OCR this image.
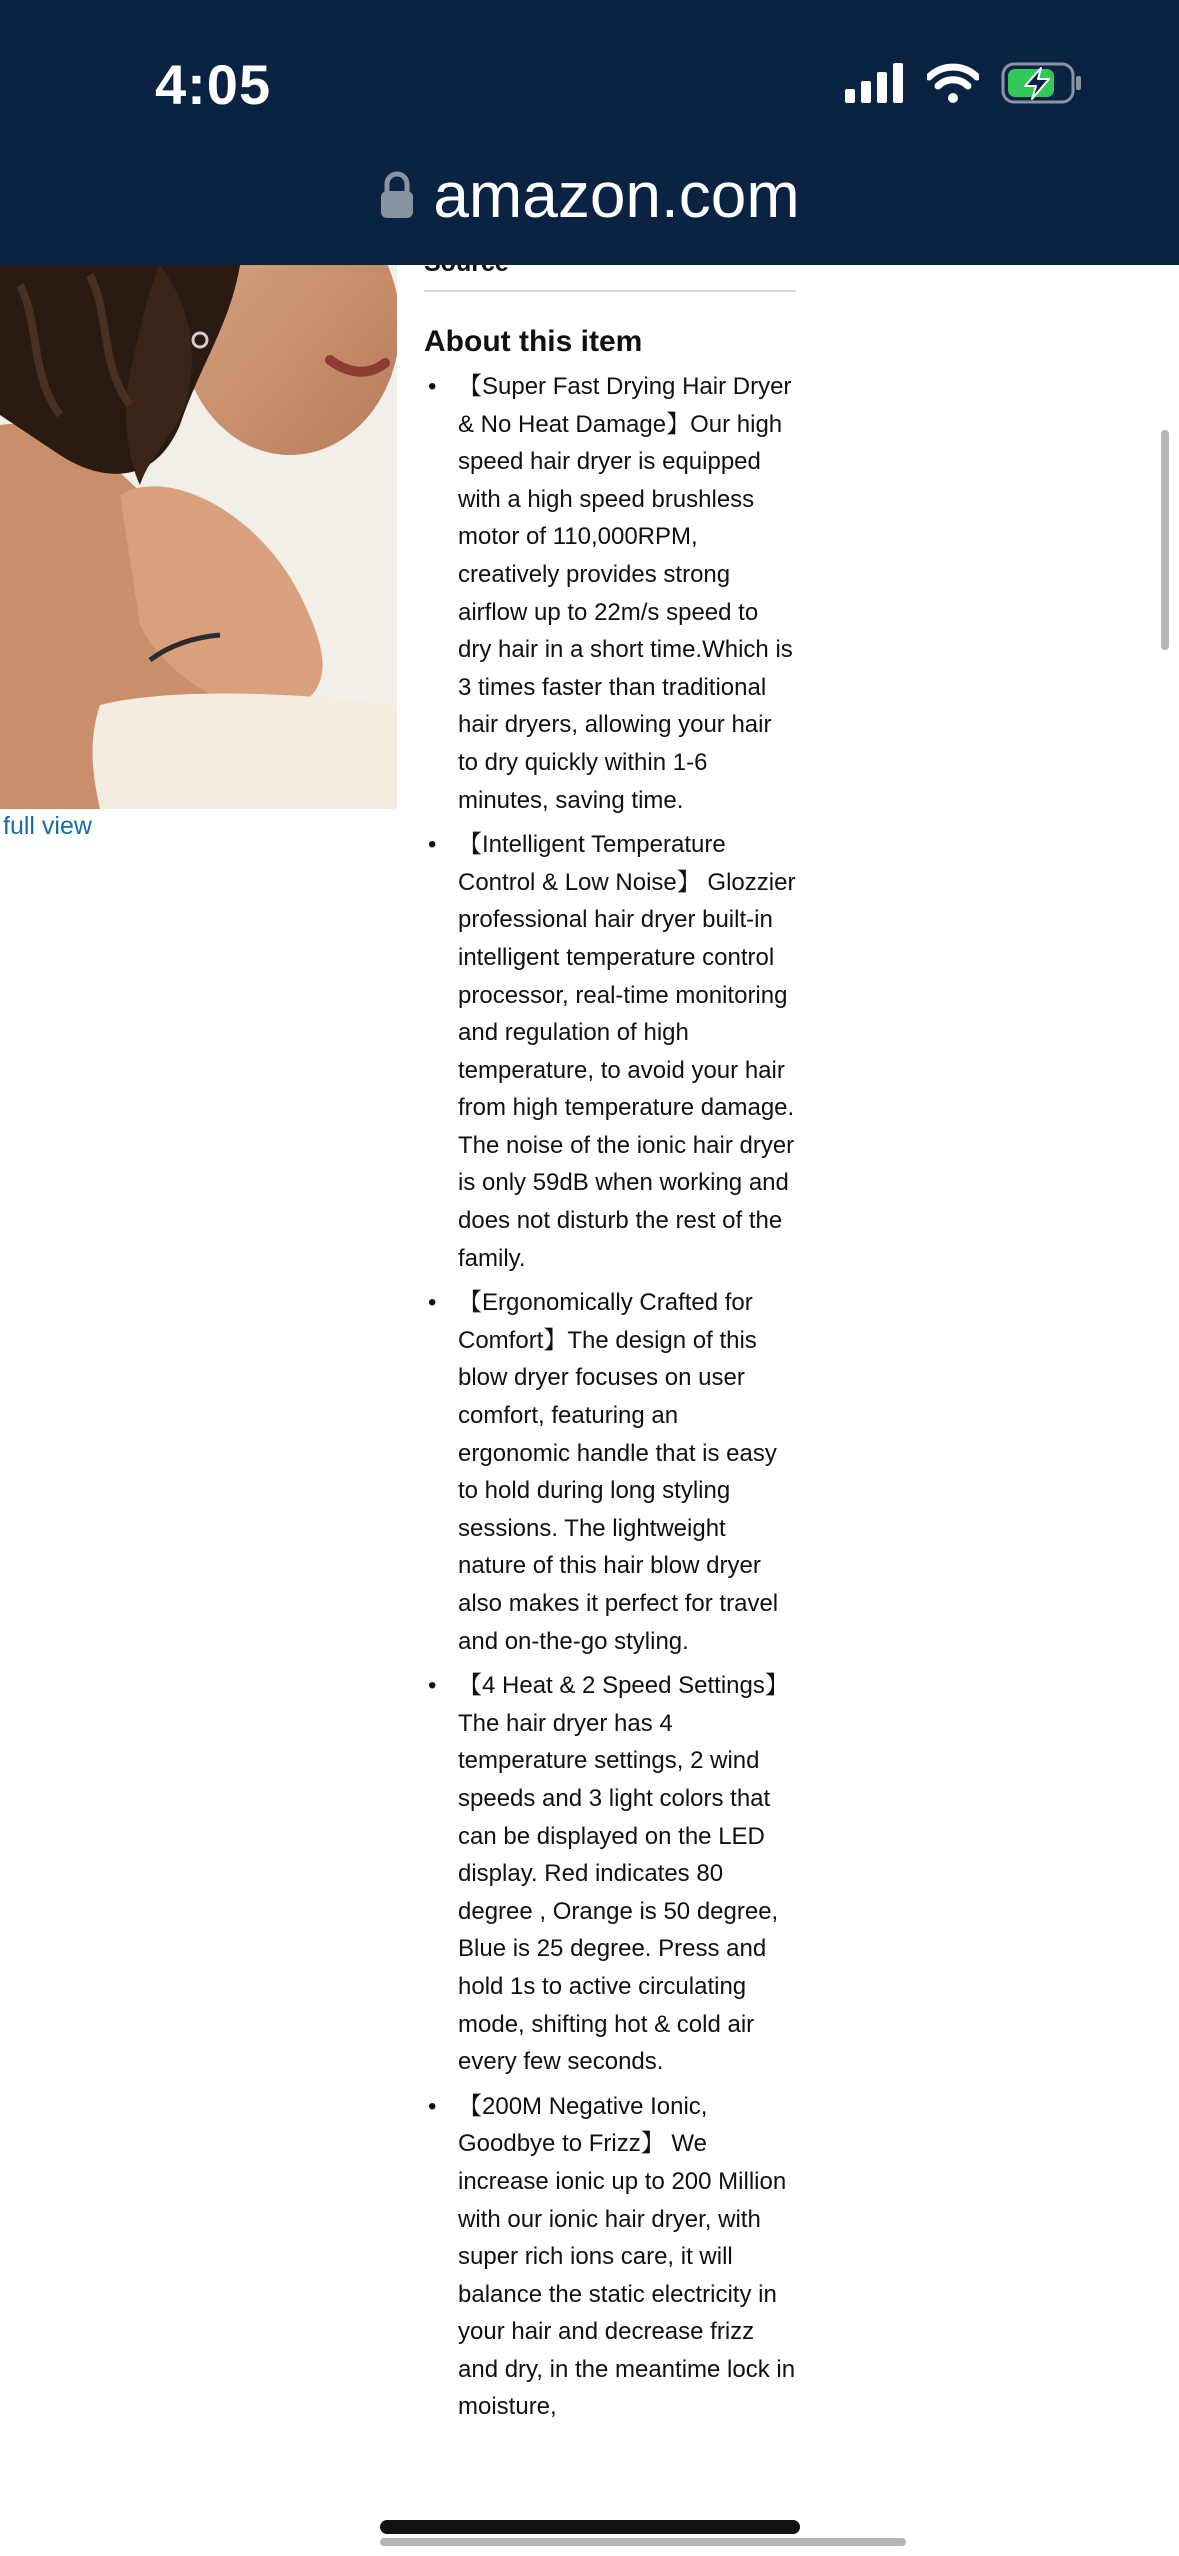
4:05
amazon.com
full view
About this item
• 【Super Fast Drying Hair Dryer & No Heat Damage】Our high speed hair dryer is equipped with a high speed brushless motor of 110,000RPM, creatively provides strong airflow up to 22m/s speed to dry hair in a short time.Which is 3 times faster than traditional hair dryers, allowing your hair to dry quickly within 1-6 minutes, saving time.
• 【Intelligent Temperature Control & Low Noise】 Glozzier professional hair dryer built-in intelligent temperature control processor, real-time monitoring and regulation of high temperature, to avoid your hair from high temperature damage. The noise of the ionic hair dryer is only 59dB when working and does not disturb the rest of the family.
• 【Ergonomically Crafted for Comfort】The design of this blow dryer focuses on user comfort, featuring an ergonomic handle that is easy to hold during long styling sessions. The lightweight nature of this hair blow dryer also makes it perfect for travel and on-the-go styling.
• 【4 Heat & 2 Speed Settings】The hair dryer has 4 temperature settings, 2 wind speeds and 3 light colors that can be displayed on the LED display. Red indicates 80 degree , Orange is 50 degree, Blue is 25 degree. Press and hold 1s to active circulating mode, shifting hot & cold air every few seconds.
• 【200M Negative Ionic, Goodbye to Frizz】 We increase ionic up to 200 Million with our ionic hair dryer, with super rich ions care, it will balance the static electricity in your hair and decrease frizz and dry, in the meantime lock in moisture,
